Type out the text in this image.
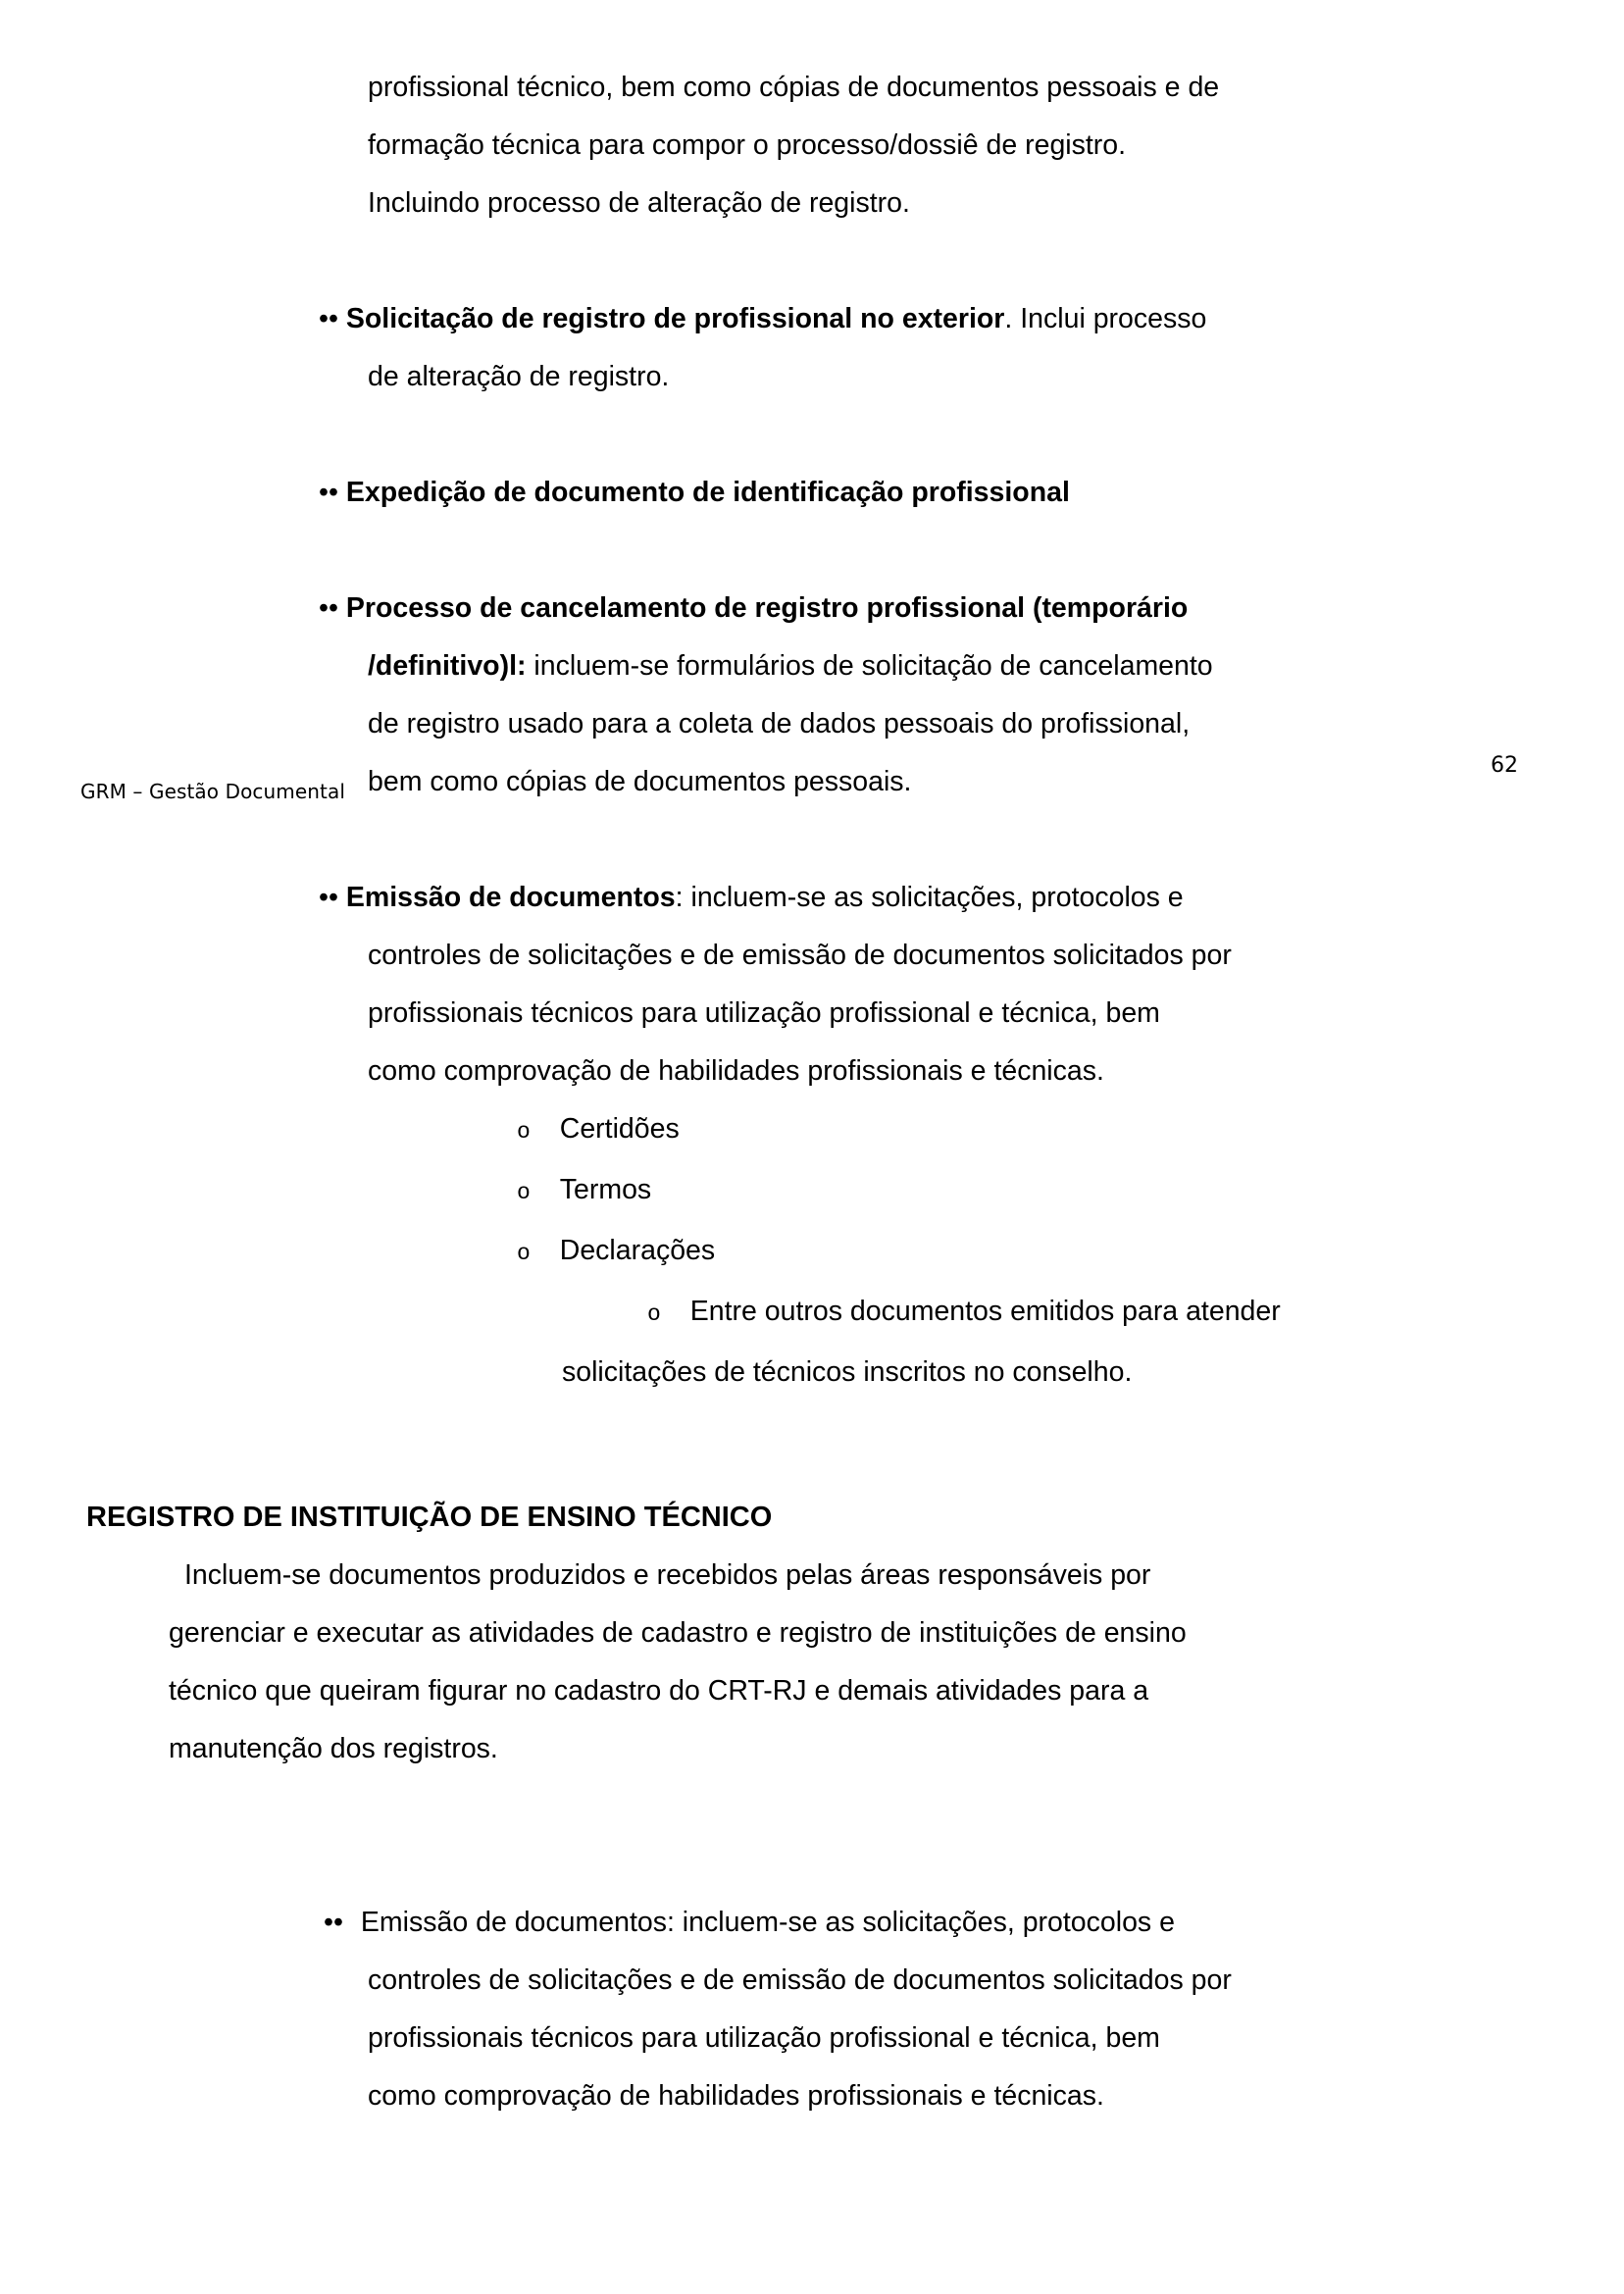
GRM – Gestão Documental
62
profissional técnico, bem como cópias de documentos pessoais e de
formação técnica para compor o processo/dossiê de registro.
Incluindo processo de alteração de registro.
• • Solicitação de registro de profissional no exterior. Inclui processo
de alteração de registro.
• • Expedição de documento de identificação profissional
• • Processo de cancelamento de registro profissional (temporário
/definitivo)l: incluem-se formulários de solicitação de cancelamento
de registro usado para a coleta de dados pessoais do profissional,
bem como cópias de documentos pessoais.
• • Emissão de documentos: incluem-se as solicitações, protocolos e
controles de solicitações e de emissão de documentos solicitados por
profissionais técnicos para utilização profissional e técnica, bem
como comprovação de habilidades profissionais e técnicas.
o Certidões
o Termos
o Declarações
o Entre outros documentos emitidos para atender
solicitações de técnicos inscritos no conselho.
REGISTRO DE INSTITUIÇÃO DE ENSINO TÉCNICO
Incluem-se documentos produzidos e recebidos pelas áreas responsáveis por
gerenciar e executar as atividades de cadastro e registro de instituições de ensino
técnico que queiram figurar no cadastro do CRT-RJ e demais atividades para a
manutenção dos registros.
• • Emissão de documentos: incluem-se as solicitações, protocolos e
controles de solicitações e de emissão de documentos solicitados por
profissionais técnicos para utilização profissional e técnica, bem
como comprovação de habilidades profissionais e técnicas.
